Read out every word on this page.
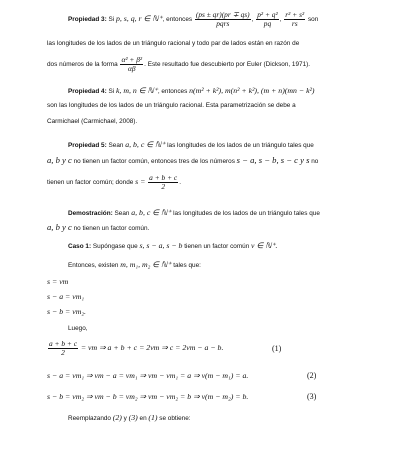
Propiedad 3: Si p, s, q, r ∈ ℕ⁺, entonces
(ps ± qr)(pr ∓ qs)
pqrs	, $\frac{\text{p² + q²}}{pq}$ , $\frac{\text{r² + s²}}{rs}$ son
las longitudes de los lados de un triángulo racional y todo par de lados están en razón de
dos números de la forma $\frac{\text{α² + β²}}{\alpha\beta}$ . Este resultado fue descubierto por Euler (Dickson, 1971).
Propiedad 4: Si k, m, n ∈ ℕ⁺, entonces n(m² + k²), m(n² + k²), (m + n)(mn − k²)
son las longitudes de los lados de un triángulo racional. Esta parametrización se debe a
Carmichael (Carmichael, 2008).
Propiedad 5: Sean a, b, c ∈ ℕ⁺ las longitudes de los lados de un triángulo tales que
a, b y c no tienen un factor común, entonces tres de los números s − a, s − b, s − c y s no
tienen un factor común; donde $s = \frac{a + b + c}{2}$ .
Demostración: Sean a, b, c ∈ ℕ⁺ las longitudes de los lados de un triángulo tales que
a, b y c no tienen un factor común.
Caso 1: Supóngase que s, s − a, s − b tienen un factor común v ∈ ℕ⁺.
Entonces, existen m, m₁, m₂ ∈ ℕ⁺ tales que:
s = vm
s − a = vm₁
s − b = vm₂.
Luego,
$\frac{a + b + c}{2}$ = vm ⇒ a + b + c = 2vm ⇒ c = 2vm − a − b.	(1)
s − a = vm₁ ⇒ vm − a = vm₁ ⇒ vm − vm₁ = a ⇒ v(m − m₁) = a.	(2)
s − b = vm₂ ⇒ vm − b = vm₂ ⇒ vm − vm₂ = b ⇒ v(m − m₂) = b.	(3)
Reemplazando (2) y (3) en (1) se obtiene:
